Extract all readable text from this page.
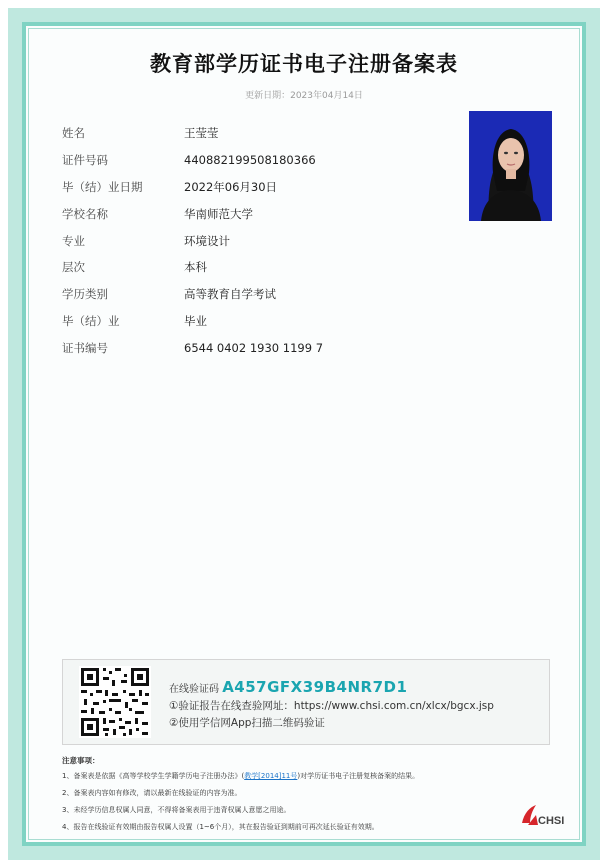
教育部学历证书电子注册备案表
更新日期：2023年04月14日
姓名	王莹莹
证件号码	440882199508180366
毕（结）业日期	2022年06月30日
学校名称	华南师范大学
专业	环境设计
层次	本科
学历类别	高等教育自学考试
毕（结）业	毕业
证书编号	6544 0402 1930 1199 7
在线验证码 A457GFX39B4NR7D1
①验证报告在线查验网址：https://www.chsi.com.cn/xlcx/bgcx.jsp
②使用学信网App扫描二维码验证
注意事项：
1、备案表是依据《高等学校学生学籍学历电子注册办法》(教学[2014]11号)对学历证书电子注册复核备案的结果。
2、备案表内容如有修改，请以最新在线验证的内容为准。
3、未经学历信息权属人同意，不得将备案表用于违背权属人意愿之用途。
4、报告在线验证有效期由报告权属人设置（1~6个月），其在报告验证到期前可再次延长验证有效期。	CHSI
